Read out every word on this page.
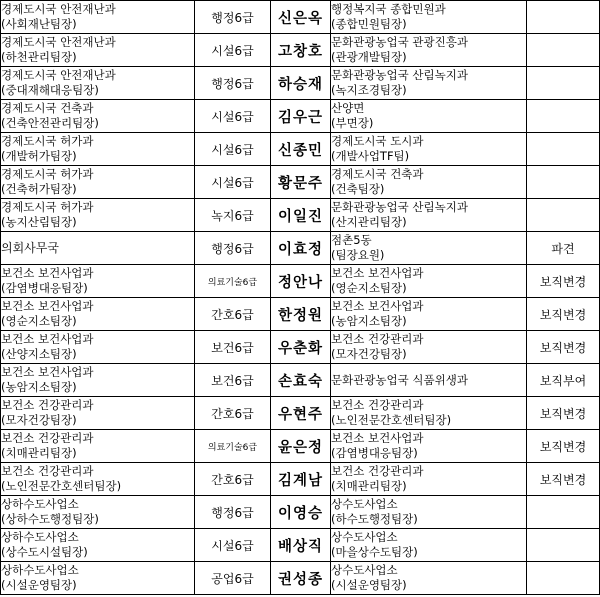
경제도시국 안전재난과
(사회재난팀장)	행정6급	신은옥	행정복지국 종합민원과
(종합민원팀장)	

경제도시국 안전재난과
(하천관리팀장)	시설6급	고창호	문화관광농업국 관광진흥과
(관광개발팀장)	

경제도시국 안전재난과
(중대재해대응팀장)	행정6급	하승재	문화관광농업국 산림녹지과
(녹지조경팀장)	

경제도시국 건축과
(건축안전관리팀장)	시설6급	김우근	산양면
(부면장)	

경제도시국 허가과
(개발허가팀장)	시설6급	신종민	경제도시국 도시과
(개발사업TF팀)	

경제도시국 허가과
(건축허가팀장)	시설6급	황문주	경제도시국 건축과
(건축팀장)	

경제도시국 허가과
(농지산림팀장)	녹지6급	이일진	문화관광농업국 산림녹지과
(산지관리팀장)	

의회사무국	행정6급	이효정	점촌5동
(팀장요원)	파견

보건소 보건사업과
(감염병대응팀장)	의료기술6급	정안나	보건소 보건사업과
(영순지소팀장)	보직변경

보건소 보건사업과
(영순지소팀장)	간호6급	한정원	보건소 보건사업과
(농암지소팀장)	보직변경

보건소 보건사업과
(산양지소팀장)	보건6급	우춘화	보건소 건강관리과
(모자건강팀장)	보직변경

보건소 보건사업과
(농암지소팀장)	보건6급	손효숙	문화관광농업국 식품위생과	보직부여

보건소 건강관리과
(모자건강팀장)	간호6급	우현주	보건소 건강관리과
(노인전문간호센터팀장)	보직변경

보건소 건강관리과
(치매관리팀장)	의료기술6급	윤은정	보건소 보건사업과
(감염병대응팀장)	보직변경

보건소 건강관리과
(노인전문간호센터팀장)	간호6급	김계남	보건소 건강관리과
(치매관리팀장)	보직변경

상하수도사업소
(상하수도행정팀장)	행정6급	이영승	상수도사업소
(하수도행정팀장)	

상하수도사업소
(상수도시설팀장)	시설6급	배상직	상수도사업소
(마을상수도팀장)	

상하수도사업소
(시설운영팀장)	공업6급	권성종	상수도사업소
(시설운영팀장)	
